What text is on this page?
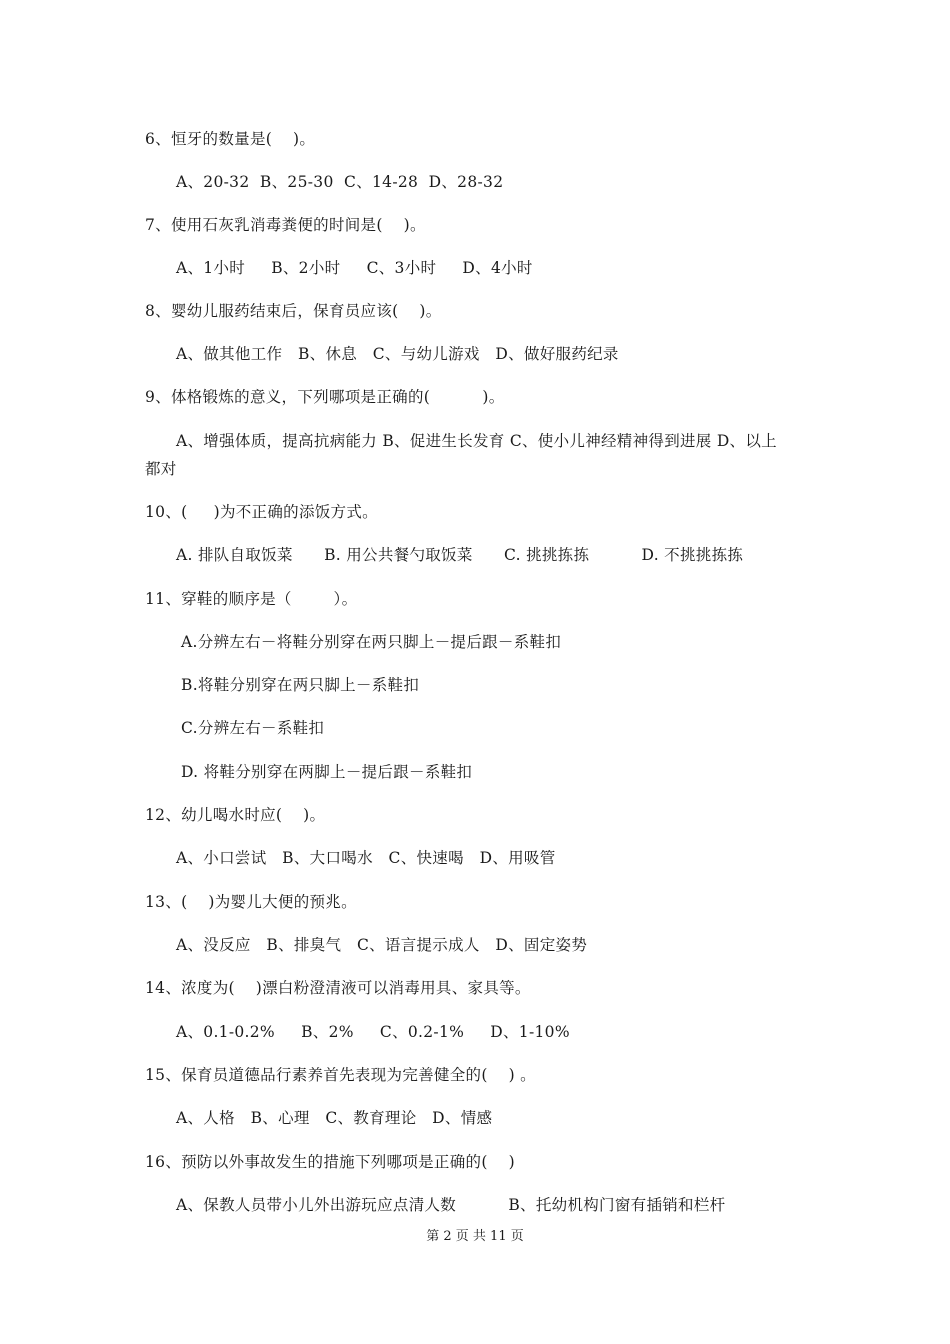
6、恒牙的数量是(    )。
A、20-32  B、25-30  C、14-28  D、28-32
7、使用石灰乳消毒粪便的时间是(    )。
A、1小时     B、2小时     C、3小时     D、4小时
8、婴幼儿服药结束后，保育员应该(    )。
A、做其他工作   B、休息   C、与幼儿游戏   D、做好服药纪录
9、体格锻炼的意义，下列哪项是正确的(          )。
A、增强体质，提高抗病能力 B、促进生长发育 C、使小儿神经精神得到进展 D、以上
都对
10、(     )为不正确的添饭方式。
A. 排队自取饭菜      B. 用公共餐勺取饭菜      C. 挑挑拣拣          D. 不挑挑拣拣
11、穿鞋的顺序是（        ）。
A.分辨左右－将鞋分别穿在两只脚上－提后跟－系鞋扣
B.将鞋分别穿在两只脚上－系鞋扣
C.分辨左右－系鞋扣
D. 将鞋分别穿在两脚上－提后跟－系鞋扣
12、幼儿喝水时应(    )。
A、小口尝试   B、大口喝水   C、快速喝   D、用吸管
13、(    )为婴儿大便的预兆。
A、没反应   B、排臭气   C、语言提示成人   D、固定姿势
14、浓度为(    )漂白粉澄清液可以消毒用具、家具等。
A、0.1-0.2%     B、2%     C、0.2-1%     D、1-10%
15、保育员道德品行素养首先表现为完善健全的(    ) 。
A、人格   B、心理   C、教育理论   D、情感
16、预防以外事故发生的措施下列哪项是正确的(    )
A、保教人员带小儿外出游玩应点清人数          B、托幼机构门窗有插销和栏杆
第 2 页 共 11 页
